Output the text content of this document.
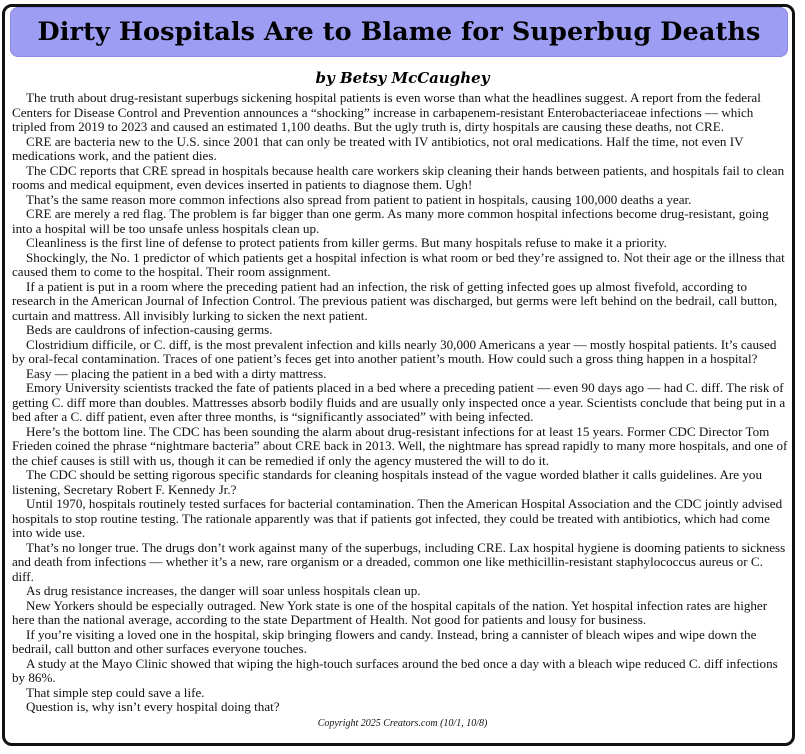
Dirty Hospitals Are to Blame for Superbug Deaths
by Betsy McCaughey

The truth about drug-resistant superbugs sickening hospital patients is even worse than what the headlines suggest. A report from the federal Centers for Disease Control and Prevention announces a “shocking” increase in carbapenem-resistant Enterobacteriaceae infections — which tripled from 2019 to 2023 and caused an estimated 1,100 deaths. But the ugly truth is, dirty hospitals are causing these deaths, not CRE.

CRE are bacteria new to the U.S. since 2001 that can only be treated with IV antibiotics, not oral medications. Half the time, not even IV medications work, and the patient dies.

The CDC reports that CRE spread in hospitals because health care workers skip cleaning their hands between patients, and hospitals fail to clean rooms and medical equipment, even devices inserted in patients to diagnose them. Ugh!

That’s the same reason more common infections also spread from patient to patient in hospitals, causing 100,000 deaths a year.

CRE are merely a red flag. The problem is far bigger than one germ. As many more common hospital infections become drug-resistant, going into a hospital will be too unsafe unless hospitals clean up.

Cleanliness is the first line of defense to protect patients from killer germs. But many hospitals refuse to make it a priority.

Shockingly, the No. 1 predictor of which patients get a hospital infection is what room or bed they’re assigned to. Not their age or the illness that caused them to come to the hospital. Their room assignment.

If a patient is put in a room where the preceding patient had an infection, the risk of getting infected goes up almost fivefold, according to research in the American Journal of Infection Control. The previous patient was discharged, but germs were left behind on the bedrail, call button, curtain and mattress. All invisibly lurking to sicken the next patient.

Beds are cauldrons of infection-causing germs.

Clostridium difficile, or C. diff, is the most prevalent infection and kills nearly 30,000 Americans a year — mostly hospital patients. It’s caused by oral-fecal contamination. Traces of one patient’s feces get into another patient’s mouth. How could such a gross thing happen in a hospital?

Easy — placing the patient in a bed with a dirty mattress.

Emory University scientists tracked the fate of patients placed in a bed where a preceding patient — even 90 days ago — had C. diff. The risk of getting C. diff more than doubles. Mattresses absorb bodily fluids and are usually only inspected once a year. Scientists conclude that being put in a bed after a C. diff patient, even after three months, is “significantly associated” with being infected.

Here’s the bottom line. The CDC has been sounding the alarm about drug-resistant infections for at least 15 years. Former CDC Director Tom Frieden coined the phrase “nightmare bacteria” about CRE back in 2013. Well, the nightmare has spread rapidly to many more hospitals, and one of the chief causes is still with us, though it can be remedied if only the agency mustered the will to do it.

The CDC should be setting rigorous specific standards for cleaning hospitals instead of the vague worded blather it calls guidelines. Are you listening, Secretary Robert F. Kennedy Jr.?

Until 1970, hospitals routinely tested surfaces for bacterial contamination. Then the American Hospital Association and the CDC jointly advised hospitals to stop routine testing. The rationale apparently was that if patients got infected, they could be treated with antibiotics, which had come into wide use.

That’s no longer true. The drugs don’t work against many of the superbugs, including CRE. Lax hospital hygiene is dooming patients to sickness and death from infections — whether it’s a new, rare organism or a dreaded, common one like methicillin-resistant staphylococcus aureus or C. diff.

As drug resistance increases, the danger will soar unless hospitals clean up.

New Yorkers should be especially outraged. New York state is one of the hospital capitals of the nation. Yet hospital infection rates are higher here than the national average, according to the state Department of Health. Not good for patients and lousy for business.

If you’re visiting a loved one in the hospital, skip bringing flowers and candy. Instead, bring a cannister of bleach wipes and wipe down the bedrail, call button and other surfaces everyone touches.

A study at the Mayo Clinic showed that wiping the high-touch surfaces around the bed once a day with a bleach wipe reduced C. diff infections by 86%.

That simple step could save a life.

Question is, why isn’t every hospital doing that?

Copyright 2025 Creators.com (10/1, 10/8)
